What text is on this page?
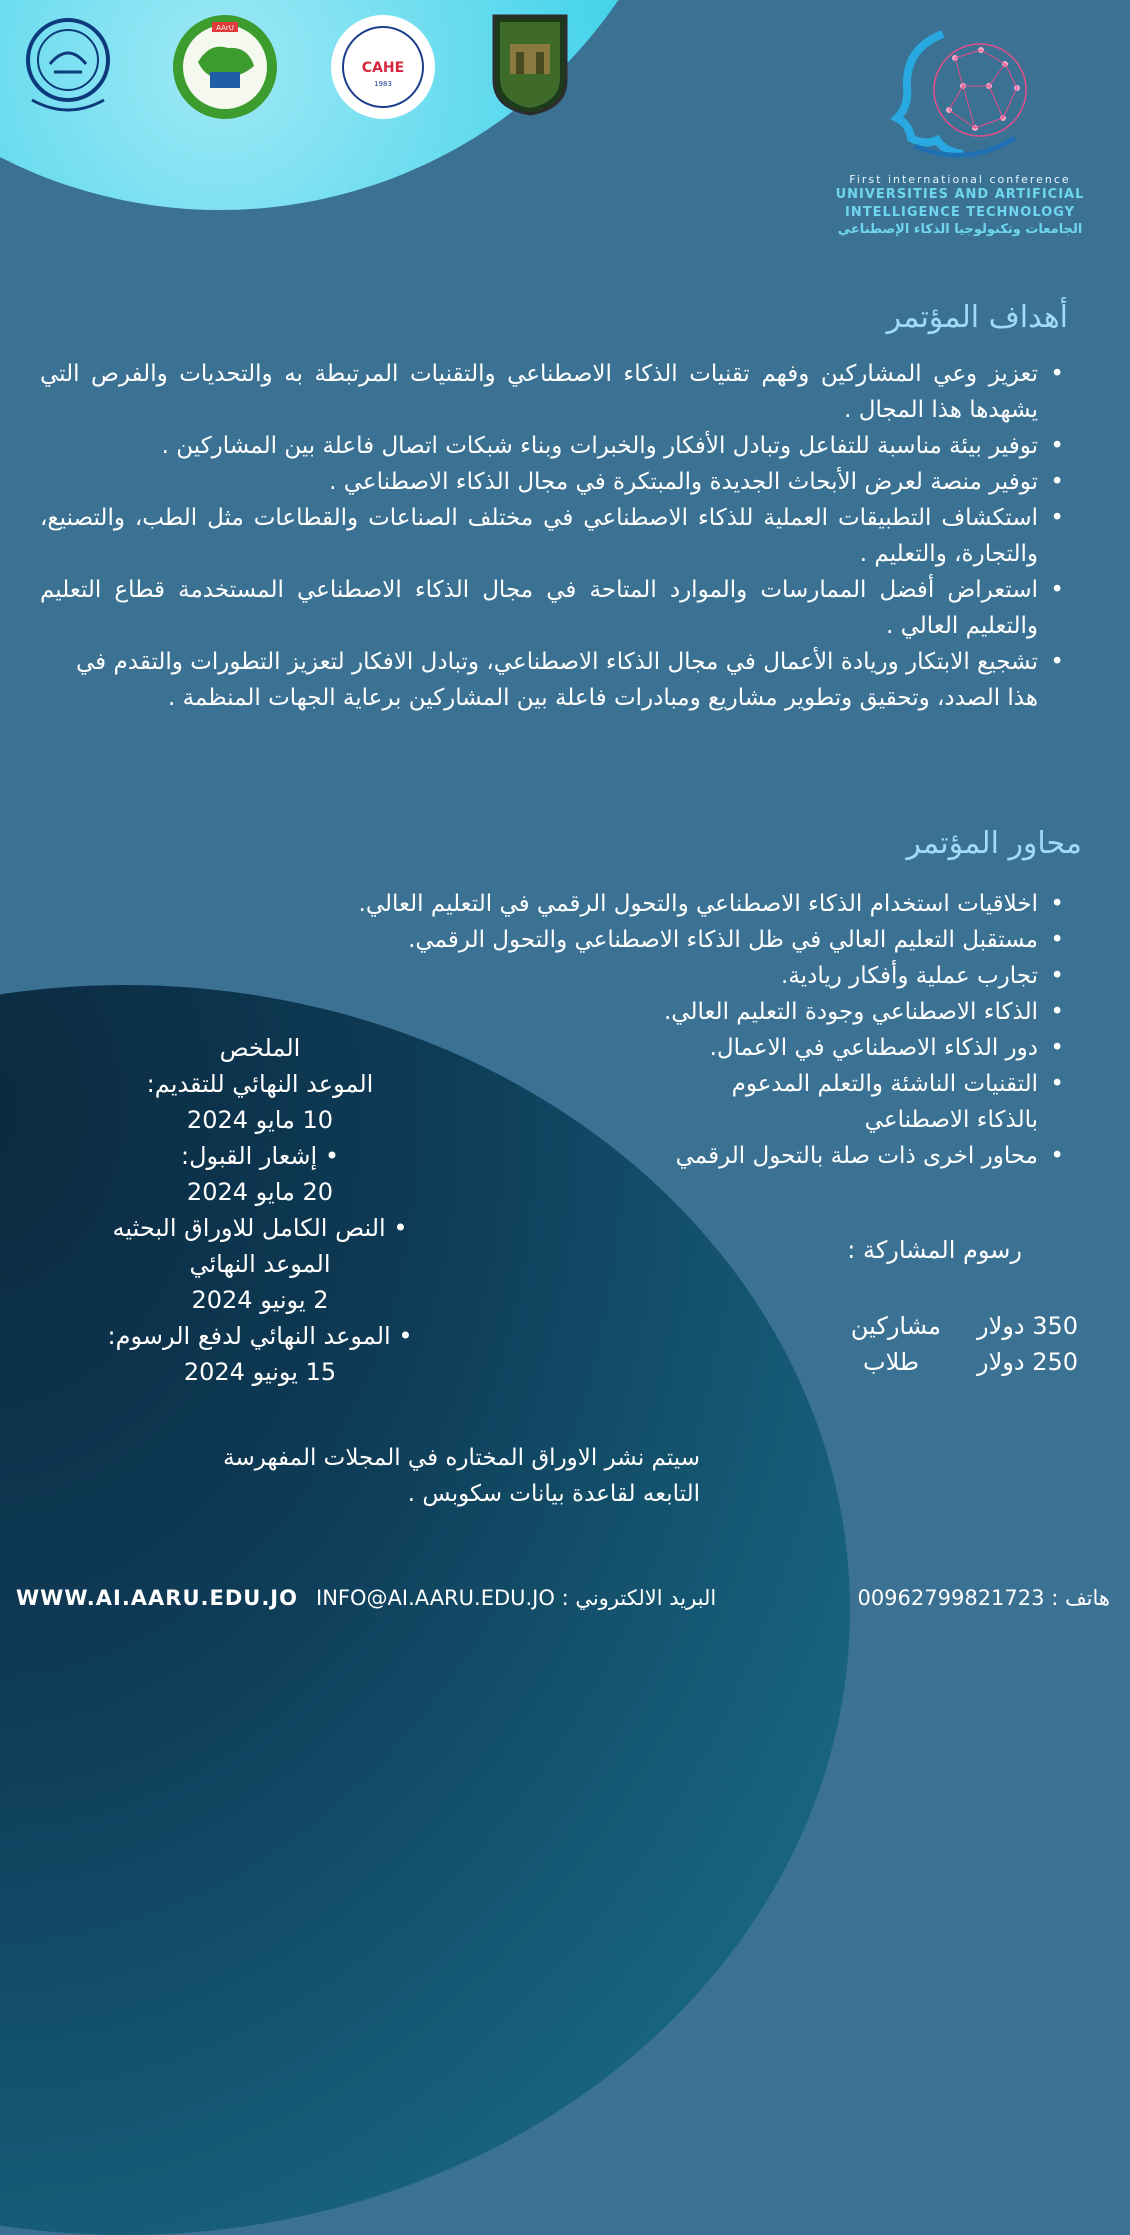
AArU
CAHE
1983
First international conference
UNIVERSITIES AND ARTIFICIAL
INTELLIGENCE TECHNOLOGY
الجامعات وتكنولوجيا الذكاء الإصطناعي
أهداف المؤتمر
• تعزيز وعي المشاركين وفهم تقنيات الذكاء الاصطناعي والتقنيات المرتبطة به والتحديات والفرص التي يشهدها هذا المجال .
• توفير بيئة مناسبة للتفاعل وتبادل الأفكار والخبرات وبناء شبكات اتصال فاعلة بين المشاركين .
• توفير منصة لعرض الأبحاث الجديدة والمبتكرة في مجال الذكاء الاصطناعي .
• استكشاف التطبيقات العملية للذكاء الاصطناعي في مختلف الصناعات والقطاعات مثل الطب، والتصنيع، والتجارة، والتعليم .
• استعراض أفضل الممارسات والموارد المتاحة في مجال الذكاء الاصطناعي المستخدمة قطاع التعليم والتعليم العالي .
• تشجيع الابتكار وريادة الأعمال في مجال الذكاء الاصطناعي، وتبادل الافكار لتعزيز التطورات والتقدم في هذا الصدد، وتحقيق وتطوير مشاريع ومبادرات فاعلة بين المشاركين برعاية الجهات المنظمة .
محاور المؤتمر
• اخلاقيات استخدام الذكاء الاصطناعي والتحول الرقمي في التعليم العالي.
• مستقبل التعليم العالي في ظل الذكاء الاصطناعي والتحول الرقمي.
• تجارب عملية وأفكار ريادية.
• الذكاء الاصطناعي وجودة التعليم العالي.
• دور الذكاء الاصطناعي في الاعمال.
• التقنيات الناشئة والتعلم المدعوم بالذكاء الاصطناعي
• محاور اخرى ذات صلة بالتحول الرقمي
الملخص
الموعد النهائي للتقديم:
10 مايو 2024
• إشعار القبول:
20 مايو 2024
• النص الكامل للاوراق البحثيه
الموعد النهائي
2 يونيو 2024
• الموعد النهائي لدفع الرسوم:
15 يونيو 2024
سيتم نشر الاوراق المختاره في المجلات المفهرسة
التابعه لقاعدة بيانات سكوبس .
رسوم المشاركة :
350 دولار
مشاركين
250 دولار
طلاب
WWW.AI.AARU.EDU.JO البريد الالكتروني : INFO@AI.AARU.EDU.JO	هاتف : 00962799821723
